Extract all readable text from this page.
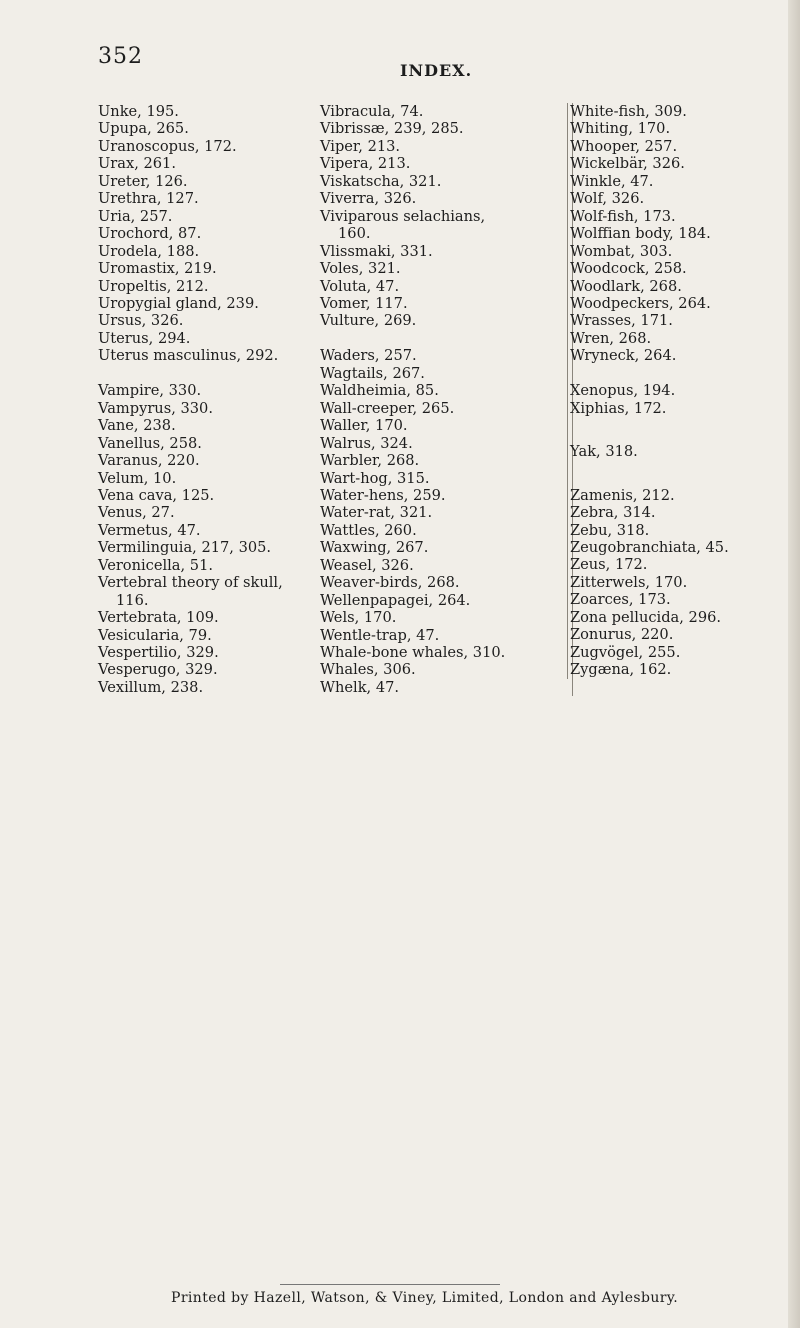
352
INDEX.
Unke, 195.
Upupa, 265.
Uranoscopus, 172.
Urax, 261.
Ureter, 126.
Urethra, 127.
Uria, 257.
Urochord, 87.
Urodela, 188.
Uromastix, 219.
Uropeltis, 212.
Uropygial gland, 239.
Ursus, 326.
Uterus, 294.
Uterus masculinus, 292.
Vampire, 330.
Vampyrus, 330.
Vane, 238.
Vanellus, 258.
Varanus, 220.
Velum, 10.
Vena cava, 125.
Venus, 27.
Vermetus, 47.
Vermilinguia, 217, 305.
Veronicella, 51.
Vertebral theory of skull,
116.
Vertebrata, 109.
Vesicularia, 79.
Vespertilio, 329.
Vesperugo, 329.
Vexillum, 238.
Vibracula, 74.
Vibrissæ, 239, 285.
Viper, 213.
Vipera, 213.
Viskatscha, 321.
Viverra, 326.
Viviparous selachians,
160.
Vlissmaki, 331.
Voles, 321.
Voluta, 47.
Vomer, 117.
Vulture, 269.
Waders, 257.
Wagtails, 267.
Waldheimia, 85.
Wall-creeper, 265.
Waller, 170.
Walrus, 324.
Warbler, 268.
Wart-hog, 315.
Water-hens, 259.
Water-rat, 321.
Wattles, 260.
Waxwing, 267.
Weasel, 326.
Weaver-birds, 268.
Wellenpapagei, 264.
Wels, 170.
Wentle-trap, 47.
Whale-bone whales, 310.
Whales, 306.
Whelk, 47.
White-fish, 309.
Whiting, 170.
Whooper, 257.
Wickelbär, 326.
Winkle, 47.
Wolf, 326.
Wolf-fish, 173.
Wolffian body, 184.
Wombat, 303.
Woodcock, 258.
Woodlark, 268.
Woodpeckers, 264.
Wrasses, 171.
Wren, 268.
Wryneck, 264.
Xenopus, 194.
Xiphias, 172.
Yak, 318.
Zamenis, 212.
Zebra, 314.
Zebu, 318.
Zeugobranchiata, 45.
Zeus, 172.
Zitterwels, 170.
Zoarces, 173.
Zona pellucida, 296.
Zonurus, 220.
Zugvögel, 255.
Zygæna, 162.
Printed by Hazell, Watson, & Viney, Limited, London and Aylesbury.
